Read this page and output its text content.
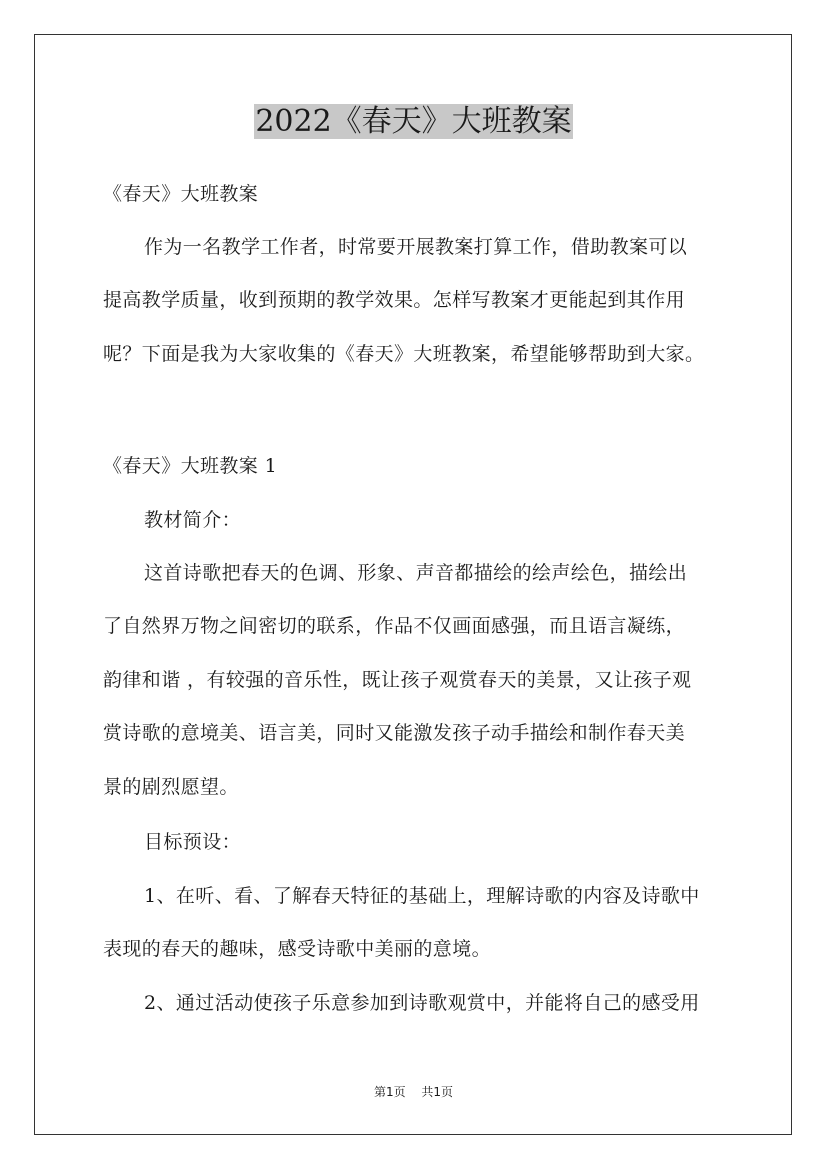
2022《春天》大班教案
《春天》大班教案
作为一名教学工作者，时常要开展教案打算工作，借助教案可以
提高教学质量，收到预期的教学效果。怎样写教案才更能起到其作用
呢？下面是我为大家收集的《春天》大班教案，希望能够帮助到大家。
《春天》大班教案 1
教材简介：
这首诗歌把春天的色调、形象、声音都描绘的绘声绘色，描绘出
了自然界万物之间密切的联系，作品不仅画面感强，而且语言凝练，
韵律和谐 ，有较强的音乐性，既让孩子观赏春天的美景，又让孩子观
赏诗歌的意境美、语言美，同时又能激发孩子动手描绘和制作春天美
景的剧烈愿望。
目标预设：
1、在听、看、了解春天特征的基础上，理解诗歌的内容及诗歌中
表现的春天的趣味，感受诗歌中美丽的意境。
2、通过活动使孩子乐意参加到诗歌观赏中，并能将自己的感受用
第1页 共1页
